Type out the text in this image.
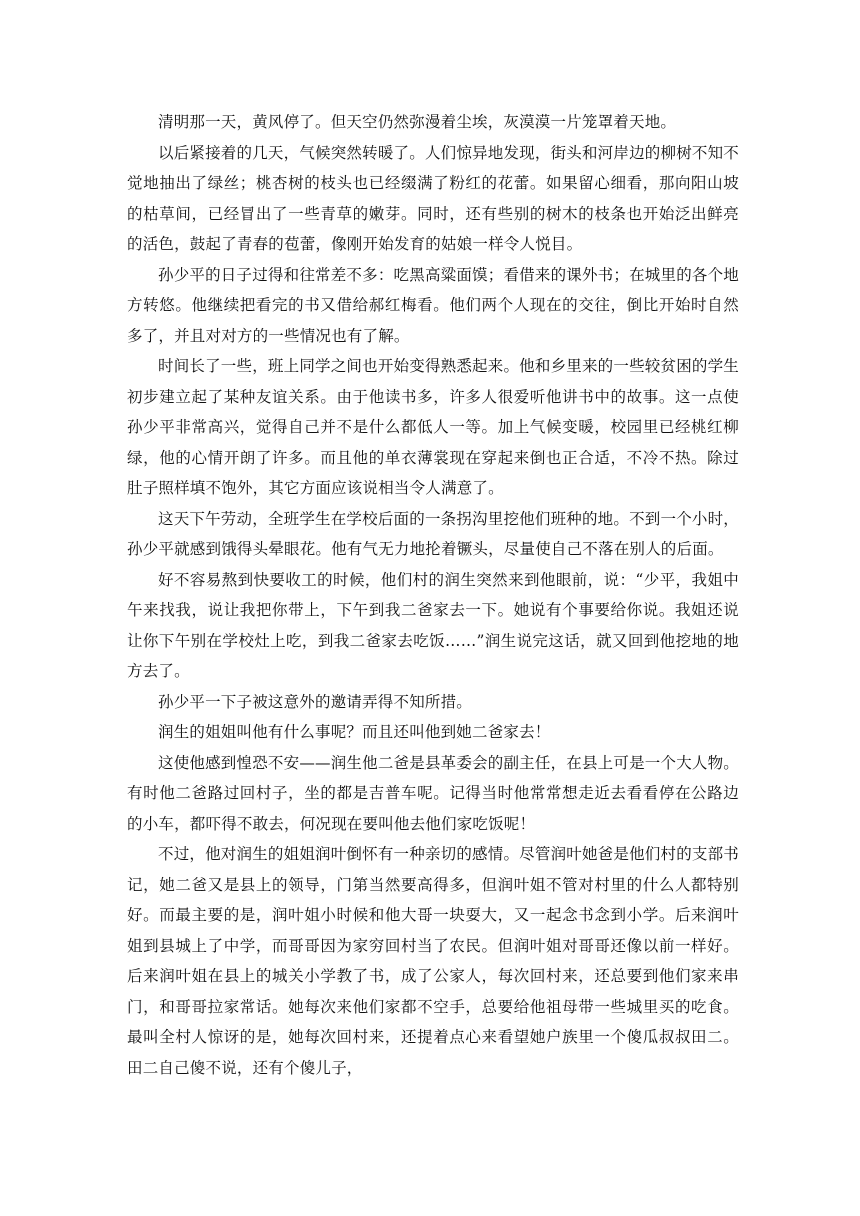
清明那一天，黄风停了。但天空仍然弥漫着尘埃，灰漠漠一片笼罩着天地。

以后紧接着的几天，气候突然转暖了。人们惊异地发现，街头和河岸边的柳树不知不觉地抽出了绿丝；桃杏树的枝头也已经缀满了粉红的花蕾。如果留心细看，那向阳山坡的枯草间，已经冒出了一些青草的嫩芽。同时，还有些别的树木的枝条也开始泛出鲜亮的活色，鼓起了青春的苞蕾，像刚开始发育的姑娘一样令人悦目。

孙少平的日子过得和往常差不多：吃黑高粱面馍；看借来的课外书；在城里的各个地方转悠。他继续把看完的书又借给郝红梅看。他们两个人现在的交往，倒比开始时自然多了，并且对对方的一些情况也有了解。

时间长了一些，班上同学之间也开始变得熟悉起来。他和乡里来的一些较贫困的学生初步建立起了某种友谊关系。由于他读书多，许多人很爱听他讲书中的故事。这一点使孙少平非常高兴，觉得自己并不是什么都低人一等。加上气候变暖，校园里已经桃红柳绿，他的心情开朗了许多。而且他的单衣薄裳现在穿起来倒也正合适，不冷不热。除过肚子照样填不饱外，其它方面应该说相当令人满意了。

这天下午劳动，全班学生在学校后面的一条拐沟里挖他们班种的地。不到一个小时，孙少平就感到饿得头晕眼花。他有气无力地抡着镢头，尽量使自己不落在别人的后面。

好不容易熬到快要收工的时候，他们村的润生突然来到他眼前，说：“少平，我姐中午来找我，说让我把你带上，下午到我二爸家去一下。她说有个事要给你说。我姐还说让你下午别在学校灶上吃，到我二爸家去吃饭……”润生说完这话，就又回到他挖地的地方去了。

孙少平一下子被这意外的邀请弄得不知所措。

润生的姐姐叫他有什么事呢？而且还叫他到她二爸家去！

这使他感到惶恐不安——润生他二爸是县革委会的副主任，在县上可是一个大人物。有时他二爸路过回村子，坐的都是吉普车呢。记得当时他常常想走近去看看停在公路边的小车，都吓得不敢去，何况现在要叫他去他们家吃饭呢！

不过，他对润生的姐姐润叶倒怀有一种亲切的感情。尽管润叶她爸是他们村的支部书记，她二爸又是县上的领导，门第当然要高得多，但润叶姐不管对村里的什么人都特别好。而最主要的是，润叶姐小时候和他大哥一块耍大，又一起念书念到小学。后来润叶姐到县城上了中学，而哥哥因为家穷回村当了农民。但润叶姐对哥哥还像以前一样好。后来润叶姐在县上的城关小学教了书，成了公家人，每次回村来，还总要到他们家来串门，和哥哥拉家常话。她每次来他们家都不空手，总要给他祖母带一些城里买的吃食。最叫全村人惊讶的是，她每次回村来，还提着点心来看望她户族里一个傻瓜叔叔田二。田二自己傻不说，还有个傻儿子，
